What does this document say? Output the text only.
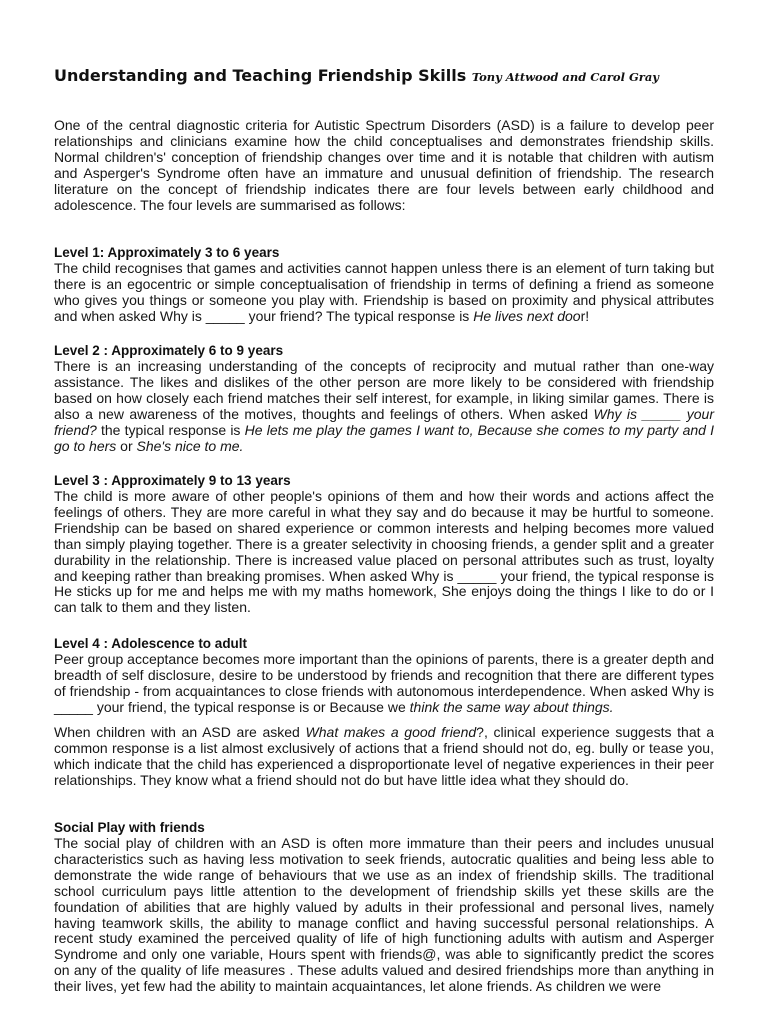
Understanding and Teaching Friendship Skills Tony Attwood and Carol Gray

One of the central diagnostic criteria for Autistic Spectrum Disorders (ASD) is a failure to develop peer relationships and clinicians examine how the child conceptualises and demonstrates friendship skills. Normal children's' conception of friendship changes over time and it is notable that children with autism and Asperger's Syndrome often have an immature and unusual definition of friendship. The research literature on the concept of friendship indicates there are four levels between early childhood and adolescence. The four levels are summarised as follows:

Level 1: Approximately 3 to 6 years

The child recognises that games and activities cannot happen unless there is an element of turn taking but there is an egocentric or simple conceptualisation of friendship in terms of defining a friend as someone who gives you things or someone you play with. Friendship is based on proximity and physical attributes and when asked Why is _____ your friend? The typical response is He lives next door!

Level 2 : Approximately 6 to 9 years

There is an increasing understanding of the concepts of reciprocity and mutual rather than one-way assistance. The likes and dislikes of the other person are more likely to be considered with friendship based on how closely each friend matches their self interest, for example, in liking similar games. There is also a new awareness of the motives, thoughts and feelings of others. When asked Why is _____ your friend? the typical response is He lets me play the games I want to, Because she comes to my party and I go to hers or She's nice to me.

Level 3 : Approximately 9 to 13 years

The child is more aware of other people's opinions of them and how their words and actions affect the feelings of others. They are more careful in what they say and do because it may be hurtful to someone. Friendship can be based on shared experience or common interests and helping becomes more valued than simply playing together. There is a greater selectivity in choosing friends, a gender split and a greater durability in the relationship. There is increased value placed on personal attributes such as trust, loyalty and keeping rather than breaking promises. When asked Why is _____ your friend, the typical response is He sticks up for me and helps me with my maths homework, She enjoys doing the things I like to do or I can talk to them and they listen.

Level 4 : Adolescence to adult

Peer group acceptance becomes more important than the opinions of parents, there is a greater depth and breadth of self disclosure, desire to be understood by friends and recognition that there are different types of friendship - from acquaintances to close friends with autonomous interdependence. When asked Why is _____ your friend, the typical response is or Because we think the same way about things.

When children with an ASD are asked What makes a good friend?, clinical experience suggests that a common response is a list almost exclusively of actions that a friend should not do, eg. bully or tease you, which indicate that the child has experienced a disproportionate level of negative experiences in their peer relationships. They know what a friend should not do but have little idea what they should do.

Social Play with friends

The social play of children with an ASD is often more immature than their peers and includes unusual characteristics such as having less motivation to seek friends, autocratic qualities and being less able to demonstrate the wide range of behaviours that we use as an index of friendship skills. The traditional school curriculum pays little attention to the development of friendship skills yet these skills are the foundation of abilities that are highly valued by adults in their professional and personal lives, namely having teamwork skills, the ability to manage conflict and having successful personal relationships. A recent study examined the perceived quality of life of high functioning adults with autism and Asperger Syndrome and only one variable, Hours spent with friends@, was able to significantly predict the scores on any of the quality of life measures . These adults valued and desired friendships more than anything in their lives, yet few had the ability to maintain acquaintances, let alone friends. As children we were
